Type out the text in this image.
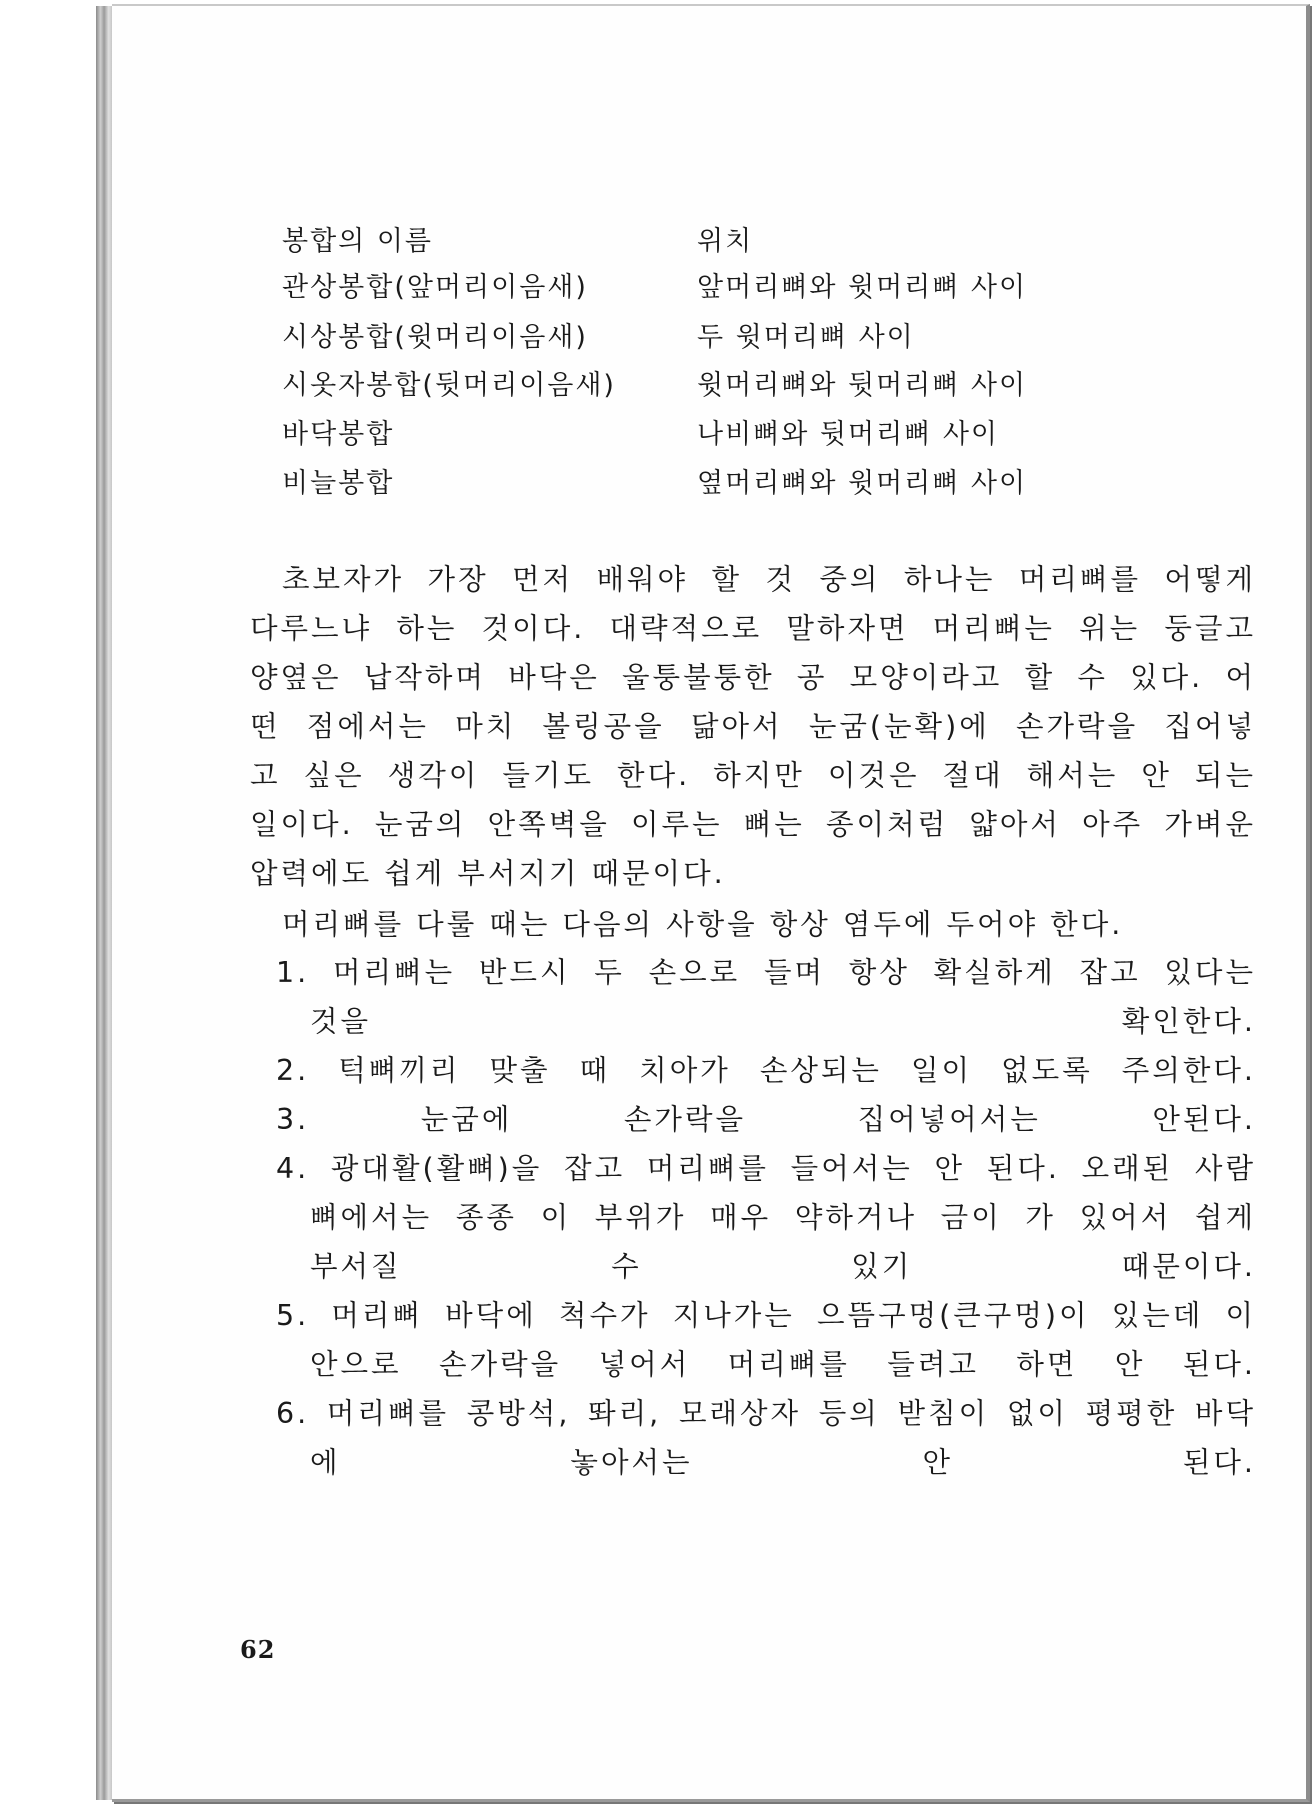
봉합의 이름	위치
관상봉합(앞머리이음새)	앞머리뼈와 윗머리뼈 사이
시상봉합(윗머리이음새)	두 윗머리뼈 사이
시옷자봉합(뒷머리이음새)	윗머리뼈와 뒷머리뼈 사이
바닥봉합	나비뼈와 뒷머리뼈 사이
비늘봉합	옆머리뼈와 윗머리뼈 사이
초보자가 가장 먼저 배워야 할 것 중의 하나는 머리뼈를 어떻게
다루느냐 하는 것이다. 대략적으로 말하자면 머리뼈는 위는 둥글고
양옆은 납작하며 바닥은 울퉁불퉁한 공 모양이라고 할 수 있다. 어
떤 점에서는 마치 볼링공을 닮아서 눈굼(눈확)에 손가락을 집어넣
고 싶은 생각이 들기도 한다. 하지만 이것은 절대 해서는 안 되는
일이다. 눈굼의 안쪽벽을 이루는 뼈는 종이처럼 얇아서 아주 가벼운
압력에도 쉽게 부서지기 때문이다.
머리뼈를 다룰 때는 다음의 사항을 항상 염두에 두어야 한다.
1. 머리뼈는 반드시 두 손으로 들며 항상 확실하게 잡고 있다는
것을 확인한다.
2. 턱뼈끼리 맞출 때 치아가 손상되는 일이 없도록 주의한다.
3. 눈굼에 손가락을 집어넣어서는 안된다.
4. 광대활(활뼈)을 잡고 머리뼈를 들어서는 안 된다. 오래된 사람
뼈에서는 종종 이 부위가 매우 약하거나 금이 가 있어서 쉽게
부서질 수 있기 때문이다.
5. 머리뼈 바닥에 척수가 지나가는 으뜸구멍(큰구멍)이 있는데 이
안으로 손가락을 넣어서 머리뼈를 들려고 하면 안 된다.
6. 머리뼈를 콩방석, 똬리, 모래상자 등의 받침이 없이 평평한 바닥
에 놓아서는 안 된다.
62
